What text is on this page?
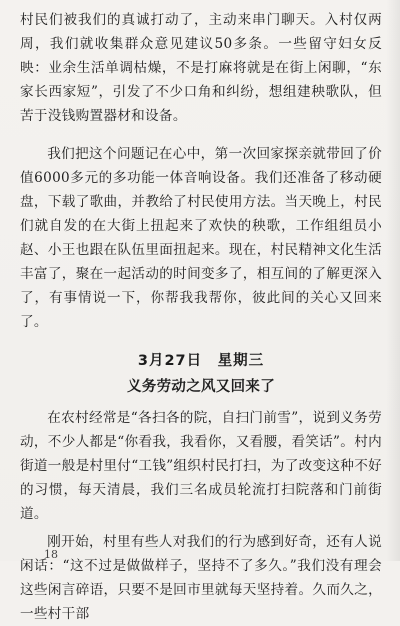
村民们被我们的真诚打动了，主动来串门聊天。入村仅两周，我们就收集群众意见建议50多条。一些留守妇女反映：业余生活单调枯燥，不是打麻将就是在街上闲聊，“东家长西家短”，引发了不少口角和纠纷，想组建秧歌队，但苦于没钱购置器材和设备。

我们把这个问题记在心中，第一次回家探亲就带回了价值6000多元的多功能一体音响设备。我们还准备了移动硬盘，下载了歌曲，并教给了村民使用方法。当天晚上，村民们就自发的在大街上扭起来了欢快的秧歌，工作组组员小赵、小王也跟在队伍里面扭起来。现在，村民精神文化生活丰富了，聚在一起活动的时间变多了，相互间的了解更深入了，有事情说一下，你帮我我帮你，彼此间的关心又回来了。

3月27日　星期三

义务劳动之风又回来了

在农村经常是“各扫各的院，自扫门前雪”，说到义务劳动，不少人都是“你看我，我看你，又看腰，看笑话”。村内街道一般是村里付“工钱”组织村民打扫，为了改变这种不好的习惯，每天清晨，我们三名成员轮流打扫院落和门前街道。

刚开始，村里有些人对我们的行为感到好奇，还有人说闲话：“这不过是做做样子，坚持不了多久。”我们没有理会这些闲言碎语，只要不是回市里就每天坚持着。久而久之，一些村干部

18
